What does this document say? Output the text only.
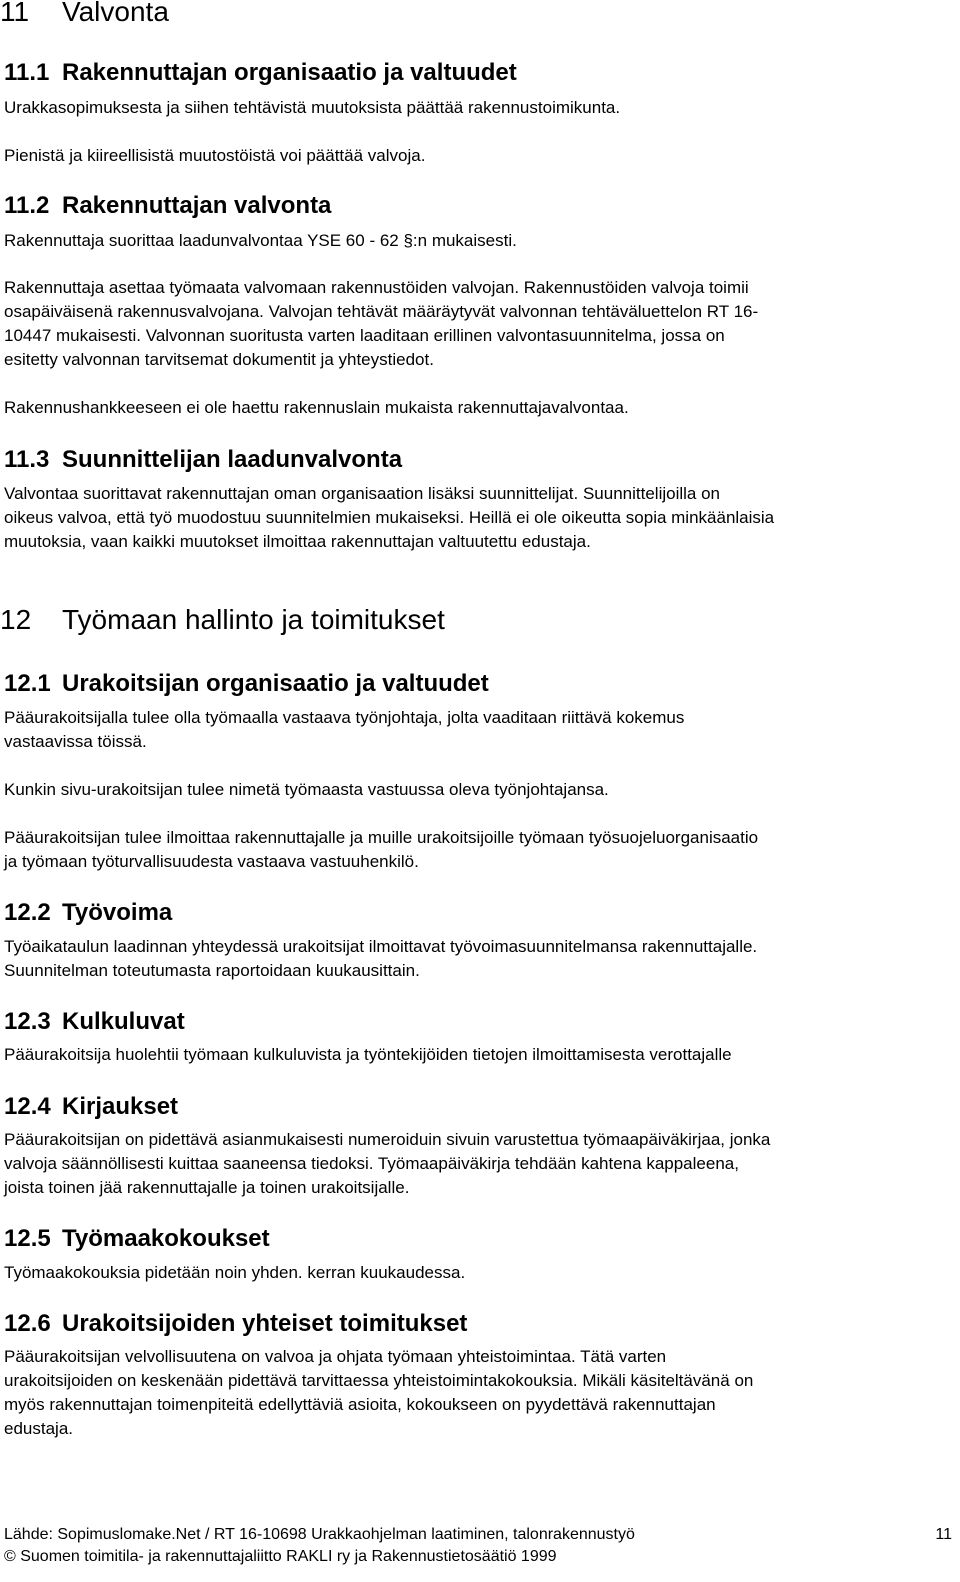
11 Valvonta
11.1 Rakennuttajan organisaatio ja valtuudet

Urakkasopimuksesta ja siihen tehtävistä muutoksista päättää rakennustoimikunta.

Pienistä ja kiireellisistä muutostöistä voi päättää valvoja.

11.2 Rakennuttajan valvonta

Rakennuttaja suorittaa laadunvalvontaa YSE 60 - 62 §:n mukaisesti.

Rakennuttaja asettaa työmaata valvomaan rakennustöiden valvojan. Rakennustöiden valvoja toimii
osapäiväisenä rakennusvalvojana. Valvojan tehtävät määräytyvät valvonnan tehtäväluettelon RT 16-
10447 mukaisesti. Valvonnan suoritusta varten laaditaan erillinen valvontasuunnitelma, jossa on
esitetty valvonnan tarvitsemat dokumentit ja yhteystiedot.

Rakennushankkeeseen ei ole haettu rakennuslain mukaista rakennuttajavalvontaa.

11.3 Suunnittelijan laadunvalvonta
Valvontaa suorittavat rakennuttajan oman organisaation lisäksi suunnittelijat. Suunnittelijoilla on
oikeus valvoa, että työ muodostuu suunnitelmien mukaiseksi. Heillä ei ole oikeutta sopia minkäänlaisia
muutoksia, vaan kaikki muutokset ilmoittaa rakennuttajan valtuutettu edustaja.
12 Työmaan hallinto ja toimitukset
12.1 Urakoitsijan organisaatio ja valtuudet
Pääurakoitsijalla tulee olla työmaalla vastaava työnjohtaja, jolta vaaditaan riittävä kokemus
vastaavissa töissä.

Kunkin sivu-urakoitsijan tulee nimetä työmaasta vastuussa oleva työnjohtajansa.

Pääurakoitsijan tulee ilmoittaa rakennuttajalle ja muille urakoitsijoille työmaan työsuojeluorganisaatio
ja työmaan työturvallisuudesta vastaava vastuuhenkilö.
12.2 Työvoima
Työaikataulun laadinnan yhteydessä urakoitsijat ilmoittavat työvoimasuunnitelmansa rakennuttajalle.
Suunnitelman toteutumasta raportoidaan kuukausittain.
12.3 Kulkuluvat

Pääurakoitsija huolehtii työmaan kulkuluvista ja työntekijöiden tietojen ilmoittamisesta verottajalle

12.4 Kirjaukset
Pääurakoitsijan on pidettävä asianmukaisesti numeroiduin sivuin varustettua työmaapäiväkirjaa, jonka
valvoja säännöllisesti kuittaa saaneensa tiedoksi. Työmaapäiväkirja tehdään kahtena kappaleena,
joista toinen jää rakennuttajalle ja toinen urakoitsijalle.
12.5 Työmaakokoukset

Työmaakokouksia pidetään noin yhden. kerran kuukaudessa.

12.6 Urakoitsijoiden yhteiset toimitukset
Pääurakoitsijan velvollisuutena on valvoa ja ohjata työmaan yhteistoimintaa. Tätä varten
urakoitsijoiden on keskenään pidettävä tarvittaessa yhteistoimintakokouksia. Mikäli käsiteltävänä on
myös rakennuttajan toimenpiteitä edellyttäviä asioita, kokoukseen on pyydettävä rakennuttajan
edustaja.
Lähde: Sopimuslomake.Net / RT 16-10698 Urakkaohjelman laatiminen, talonrakennustyö	11
© Suomen toimitila- ja rakennuttajaliitto RAKLI ry ja Rakennustietosäätiö 1999
